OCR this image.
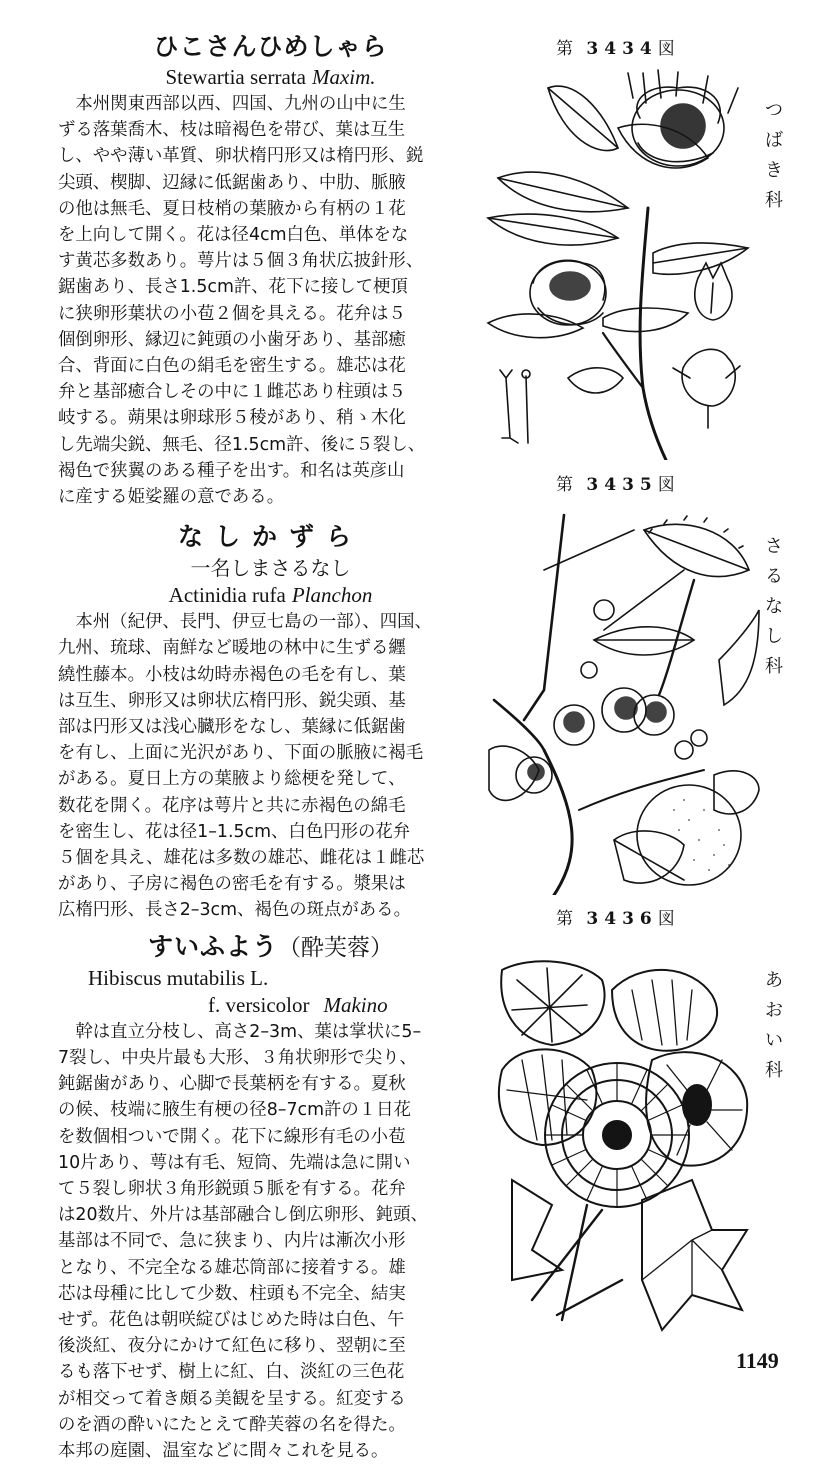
ひこさんひめしゃら

Stewartia serrata Maxim.

本州関東西部以西、四国、九州の山中に生
ずる落葉喬木、枝は暗褐色を帯び、葉は互生
し、やや薄い革質、卵状楕円形又は楕円形、鋭
尖頭、楔脚、辺縁に低鋸歯あり、中肋、脈腋
の他は無毛、夏日枝梢の葉腋から有柄の１花
を上向して開く。花は径4cm白色、単体をな
す黄芯多数あり。萼片は５個３角状広披針形、
鋸歯あり、長さ1.5cm許、花下に接して梗頂
に狭卵形葉状の小苞２個を具える。花弁は５
個倒卵形、縁辺に鈍頭の小歯牙あり、基部癒
合、背面に白色の絹毛を密生する。雄芯は花
弁と基部癒合しその中に１雌芯あり柱頭は５
岐する。蒴果は卵球形５稜があり、稍ゝ木化
し先端尖鋭、無毛、径1.5cm許、後に５裂し、
褐色で狭翼のある種子を出す。和名は英彦山
に産する姫娑羅の意である。

なしかずら

一名しまさるなし

Actinidia rufa Planchon

本州（紀伊、長門、伊豆七島の一部）、四国、
九州、琉球、南鮮など暖地の林中に生ずる纒
繞性藤本。小枝は幼時赤褐色の毛を有し、葉
は互生、卵形又は卵状広楕円形、鋭尖頭、基
部は円形又は浅心臓形をなし、葉縁に低鋸歯
を有し、上面に光沢があり、下面の脈腋に褐毛
がある。夏日上方の葉腋より総梗を発して、
数花を開く。花序は萼片と共に赤褐色の綿毛
を密生し、花は径1–1.5cm、白色円形の花弁
５個を具え、雄花は多数の雄芯、雌花は１雌芯
があり、子房に褐色の密毛を有する。漿果は
広楕円形、長さ2–3cm、褐色の斑点がある。

すいふよう（酔芙蓉）

Hibiscus mutabilis L.

f. versicolor Makino

幹は直立分枝し、高さ2–3m、葉は掌状に5–
7裂し、中央片最も大形、３角状卵形で尖り、
鈍鋸歯があり、心脚で長葉柄を有する。夏秋
の候、枝端に腋生有梗の径8–7cm許の１日花
を数個相ついで開く。花下に線形有毛の小苞
10片あり、萼は有毛、短筒、先端は急に開い
て５裂し卵状３角形鋭頭５脈を有する。花弁
は20数片、外片は基部融合し倒広卵形、鈍頭、
基部は不同で、急に狭まり、内片は漸次小形
となり、不完全なる雄芯筒部に接着する。雄
芯は母種に比して少数、柱頭も不完全、結実
せず。花色は朝咲綻びはじめた時は白色、午
後淡紅、夜分にかけて紅色に移り、翌朝に至
るも落下せず、樹上に紅、白、淡紅の三色花
が相交って着き頗る美観を呈する。紅変する
のを酒の酔いにたとえて酔芙蓉の名を得た。
本邦の庭園、温室などに間々これを見る。

第 3434図
つ
ば
き
科
第 3435図
さ
る
な
し
科
第 3436図
あ
お
い
科
1149
